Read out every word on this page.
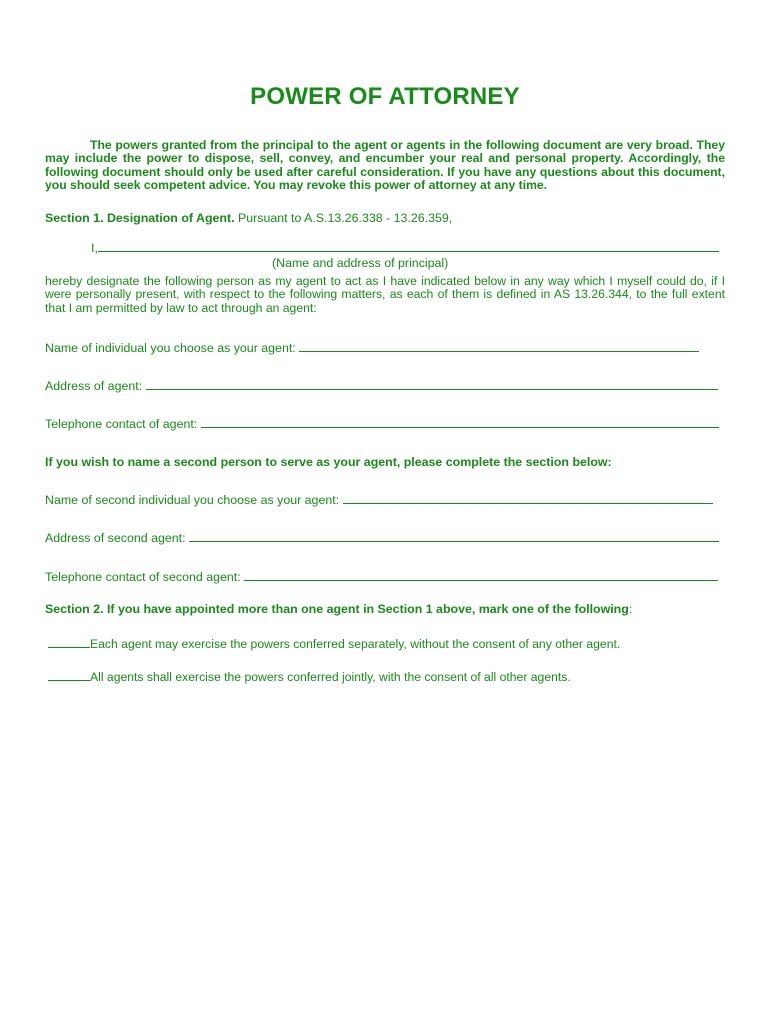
POWER OF ATTORNEY
The powers granted from the principal to the agent or agents in the following document are very broad. They may include the power to dispose, sell, convey, and encumber your real and personal property. Accordingly, the following document should only be used after careful consideration. If you have any questions about this document, you should seek competent advice. You may revoke this power of attorney at any time.
Section 1. Designation of Agent. Pursuant to A.S.13.26.338 - 13.26.359,
I,
(Name and address of principal)
hereby designate the following person as my agent to act as I have indicated below in any way which I myself could do, if I were personally present, with respect to the following matters, as each of them is defined in AS 13.26.344, to the full extent that I am permitted by law to act through an agent:
Name of individual you choose as your agent:
Address of agent:
Telephone contact of agent:
If you wish to name a second person to serve as your agent, please complete the section below:
Name of second individual you choose as your agent:
Address of second agent:
Telephone contact of second agent:
Section 2. If you have appointed more than one agent in Section 1 above, mark one of the following:
Each agent may exercise the powers conferred separately, without the consent of any other agent.
All agents shall exercise the powers conferred jointly, with the consent of all other agents.
